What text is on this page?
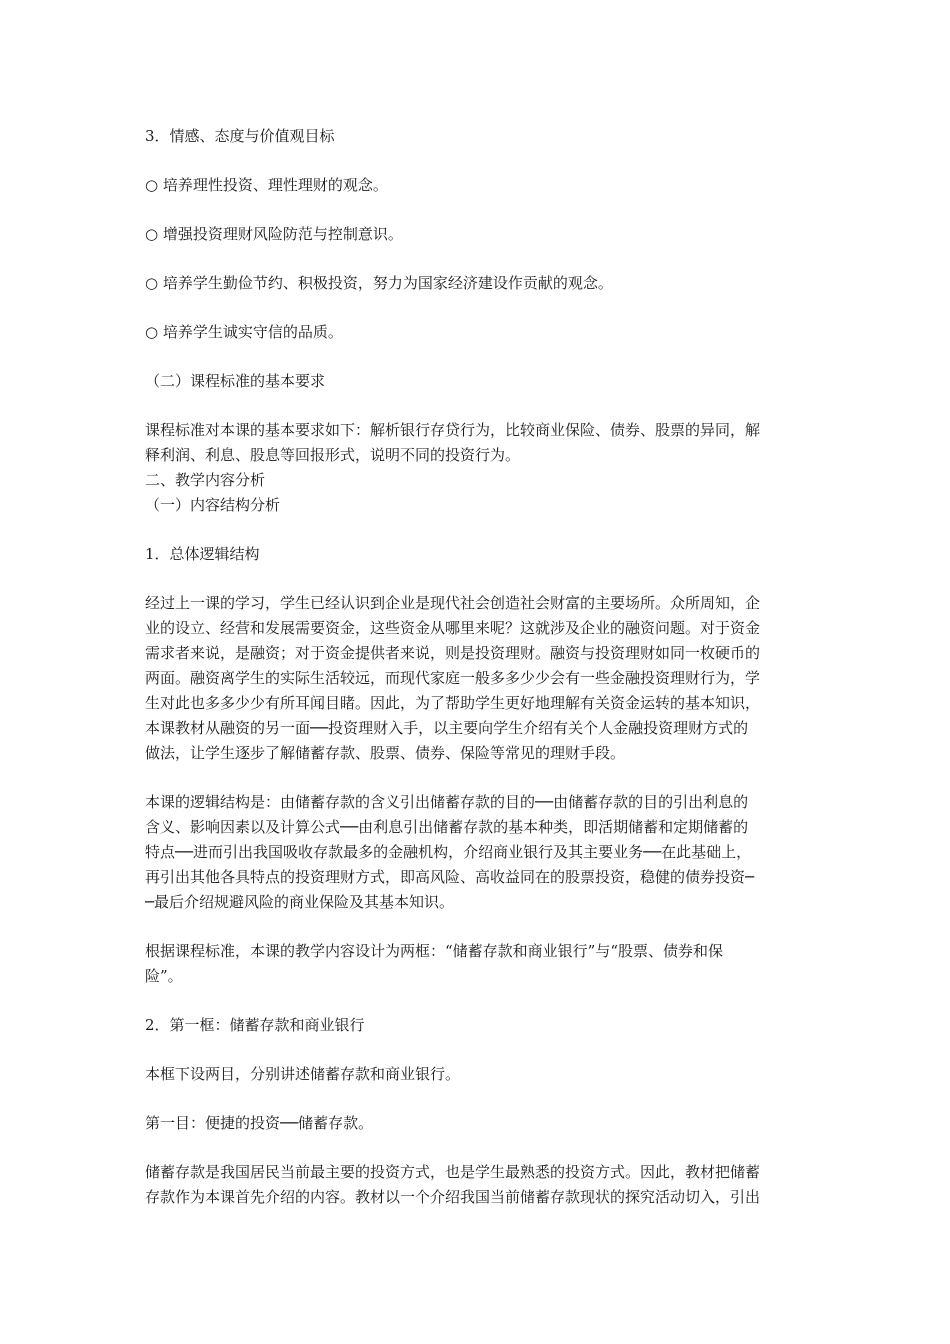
3．情感、态度与价值观目标
○ 培养理性投资、理性理财的观念。
○ 增强投资理财风险防范与控制意识。
○ 培养学生勤俭节约、积极投资，努力为国家经济建设作贡献的观念。
○ 培养学生诚实守信的品质。
（二）课程标准的基本要求
课程标准对本课的基本要求如下：解析银行存贷行为，比较商业保险、债券、股票的异同，解
释利润、利息、股息等回报形式，说明不同的投资行为。
二、教学内容分析
（一）内容结构分析
1．总体逻辑结构
经过上一课的学习，学生已经认识到企业是现代社会创造社会财富的主要场所。众所周知，企
业的设立、经营和发展需要资金，这些资金从哪里来呢？这就涉及企业的融资问题。对于资金
需求者来说，是融资；对于资金提供者来说，则是投资理财。融资与投资理财如同一枚硬币的
两面。融资离学生的实际生活较远，而现代家庭一般多多少少会有一些金融投资理财行为，学
生对此也多多少少有所耳闻目睹。因此，为了帮助学生更好地理解有关资金运转的基本知识，
本课教材从融资的另一面──投资理财入手，以主要向学生介绍有关个人金融投资理财方式的
做法，让学生逐步了解储蓄存款、股票、债券、保险等常见的理财手段。
本课的逻辑结构是：由储蓄存款的含义引出储蓄存款的目的──由储蓄存款的目的引出利息的
含义、影响因素以及计算公式──由利息引出储蓄存款的基本种类，即活期储蓄和定期储蓄的
特点──进而引出我国吸收存款最多的金融机构，介绍商业银行及其主要业务──在此基础上，
再引出其他各具特点的投资理财方式，即高风险、高收益同在的股票投资，稳健的债券投资─
─最后介绍规避风险的商业保险及其基本知识。
根据课程标准，本课的教学内容设计为两框：“储蓄存款和商业银行”与“股票、债券和保
险”。
2．第一框：储蓄存款和商业银行
本框下设两目，分别讲述储蓄存款和商业银行。
第一目：便捷的投资──储蓄存款。
储蓄存款是我国居民当前最主要的投资方式，也是学生最熟悉的投资方式。因此，教材把储蓄
存款作为本课首先介绍的内容。教材以一个介绍我国当前储蓄存款现状的探究活动切入，引出
